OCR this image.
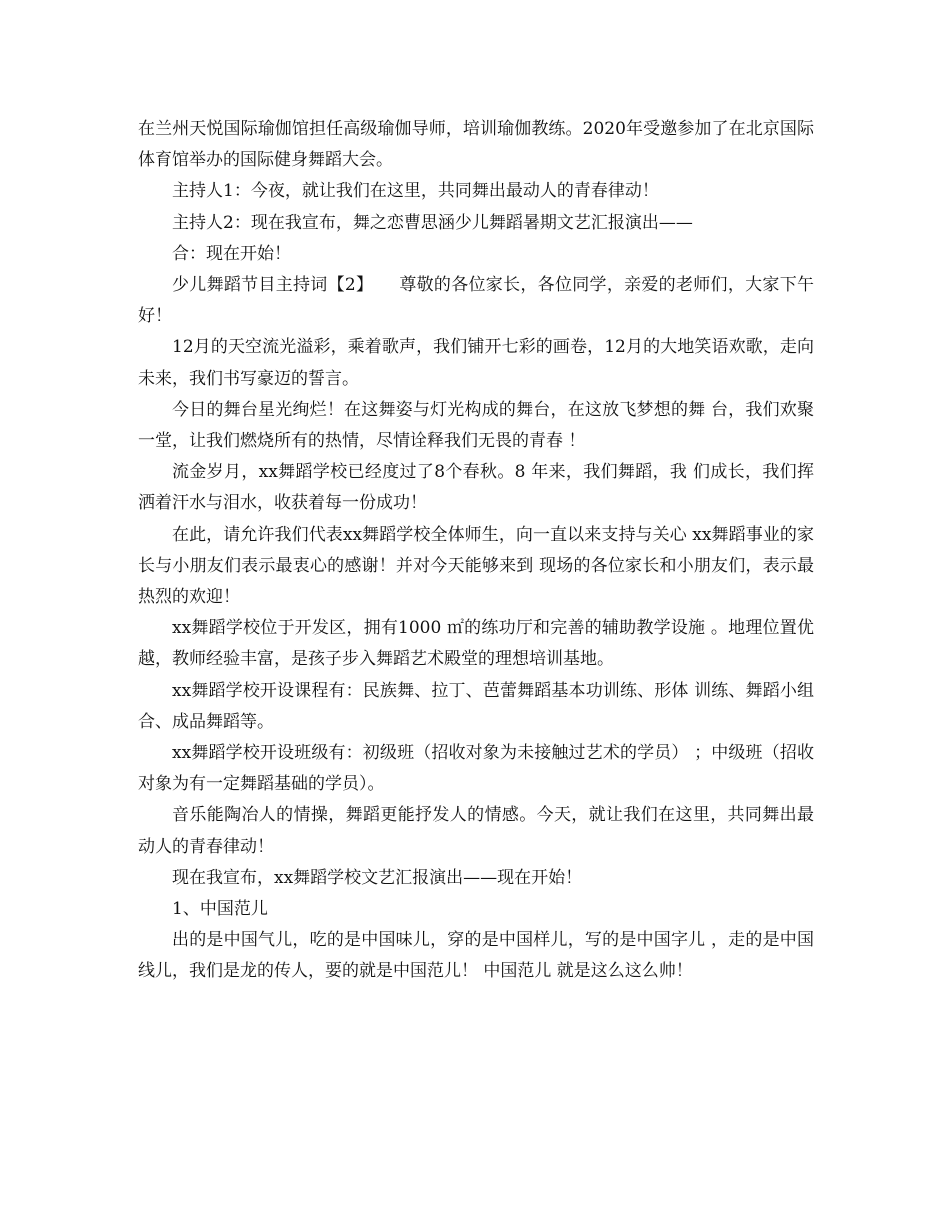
在兰州天悦国际瑜伽馆担任高级瑜伽导师，培训瑜伽教练。2020年受邀参加了在北京国际体育馆举办的国际健身舞蹈大会。

主持人1：今夜，就让我们在这里，共同舞出最动人的青春律动！

主持人2：现在我宣布，舞之恋曹思涵少儿舞蹈暑期文艺汇报演出——

合：现在开始！

少儿舞蹈节目主持词【2】　　尊敬的各位家长，各位同学，亲爱的老师们，大家下午好！

12月的天空流光溢彩，乘着歌声，我们铺开七彩的画卷，12月的大地笑语欢歌，走向未来，我们书写豪迈的誓言。

今日的舞台星光绚烂！在这舞姿与灯光构成的舞台，在这放飞梦想的舞 台，我们欢聚一堂，让我们燃烧所有的热情，尽情诠释我们无畏的青春 ！

流金岁月，xx舞蹈学校已经度过了8个春秋。8 年来，我们舞蹈，我 们成长，我们挥洒着汗水与泪水，收获着每一份成功！

在此，请允许我们代表xx舞蹈学校全体师生，向一直以来支持与关心 xx舞蹈事业的家长与小朋友们表示最衷心的感谢！并对今天能够来到 现场的各位家长和小朋友们，表示最热烈的欢迎！

xx舞蹈学校位于开发区，拥有1000 ㎡的练功厅和完善的辅助教学设施 。地理位置优越，教师经验丰富，是孩子步入舞蹈艺术殿堂的理想培训基地。

xx舞蹈学校开设课程有：民族舞、拉丁、芭蕾舞蹈基本功训练、形体 训练、舞蹈小组合、成品舞蹈等。

xx舞蹈学校开设班级有：初级班（招收对象为未接触过艺术的学员） ；中级班（招收对象为有一定舞蹈基础的学员）。

音乐能陶冶人的情操，舞蹈更能抒发人的情感。今天，就让我们在这里，共同舞出最动人的青春律动！

现在我宣布，xx舞蹈学校文艺汇报演出——现在开始！

1、中国范儿

出的是中国气儿，吃的是中国味儿，穿的是中国样儿，写的是中国字儿 ，走的是中国线儿，我们是龙的传人，要的就是中国范儿！ 中国范儿 就是这么这么帅！
